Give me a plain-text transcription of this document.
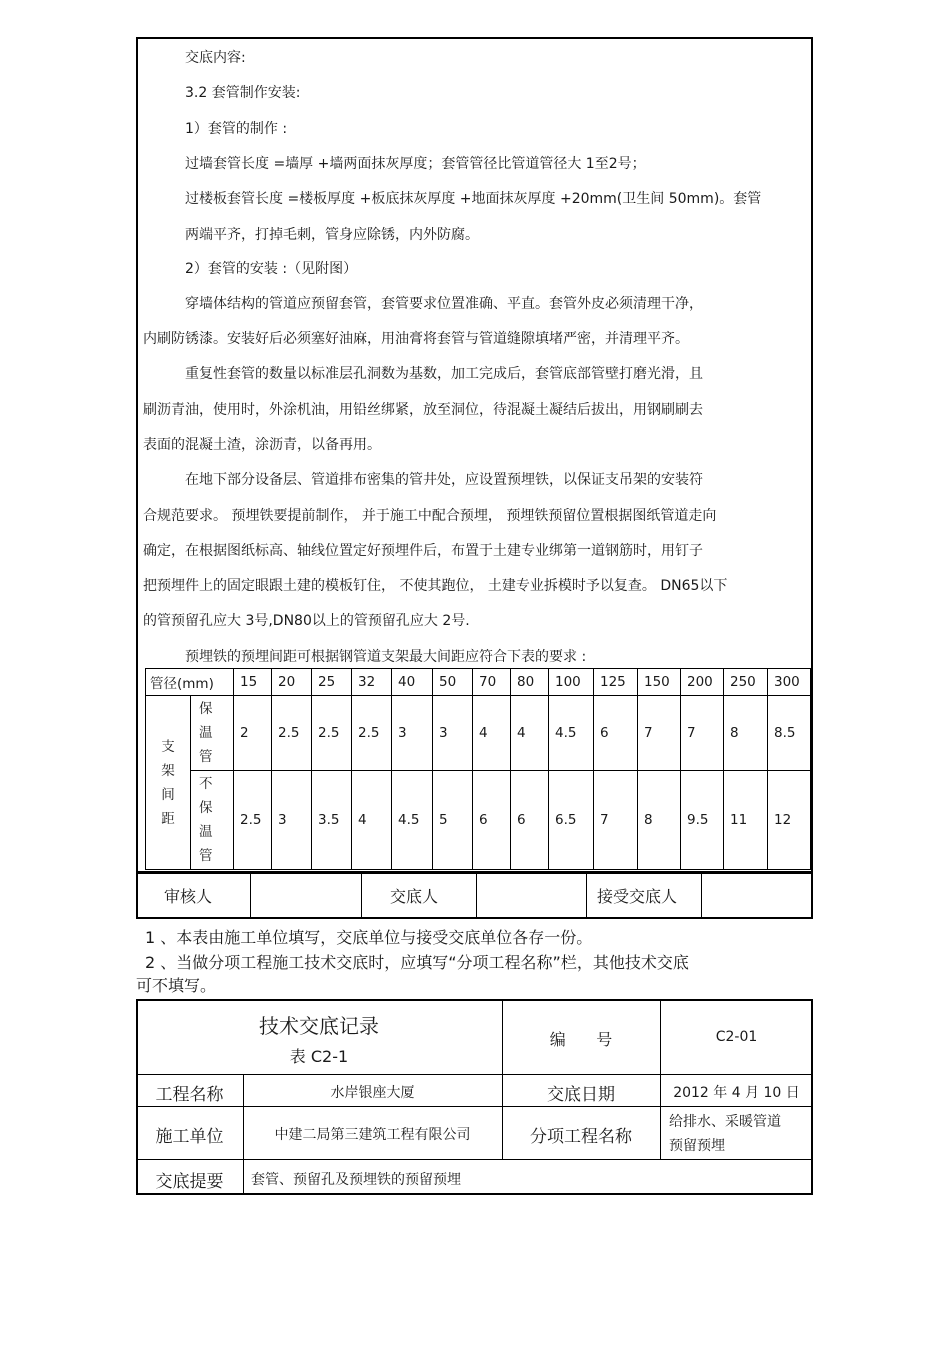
交底内容:
3.2 套管制作安装:
1）套管的制作 :
过墙套管长度 =墙厚 +墙两面抹灰厚度；套管管径比管道管径大 1至2号；
过楼板套管长度 =楼板厚度 +板底抹灰厚度 +地面抹灰厚度 +20mm(卫生间 50mm)。套管
两端平齐，打掉毛刺，管身应除锈，内外防腐。
2）套管的安装 :（见附图）
穿墙体结构的管道应预留套管，套管要求位置准确、平直。套管外皮必须清理干净，
内刷防锈漆。安装好后必须塞好油麻，用油膏将套管与管道缝隙填堵严密，并清理平齐。
重复性套管的数量以标准层孔洞数为基数，加工完成后，套管底部管壁打磨光滑，且
刷沥青油，使用时，外涂机油，用铅丝绑紧，放至洞位，待混凝土凝结后拔出，用钢刷刷去
表面的混凝土渣，涂沥青，以备再用。
在地下部分设备层、管道排布密集的管井处，应设置预埋铁，以保证支吊架的安装符
合规范要求。 预埋铁要提前制作， 并于施工中配合预埋， 预埋铁预留位置根据图纸管道走向
确定，在根据图纸标高、轴线位置定好预埋件后，布置于土建专业绑第一道钢筋时，用钉子
把预埋件上的固定眼跟土建的模板钉住， 不使其跑位， 土建专业拆模时予以复查。 DN65以下
的管预留孔应大 3号,DN80以上的管预留孔应大 2号.
预埋铁的预埋间距可根据钢管道支架最大间距应符合下表的要求 :
管径(mm)		15	20	25	32	40	50	70	80	100	125	150	200	250	300

支
架
间
距	保
温
管	2	2.5	2.5	2.5	3	3	4	4	4.5	6	7	7	8	8.5

	不
保
温
管	2.5	3	3.5	4	4.5	5	6	6	6.5	7	8	9.5	11	12
审核人	交底人	接受交底人
1 、本表由施工单位填写，交底单位与接受交底单位各存一份。
2 、当做分项工程施工技术交底时，应填写“分项工程名称”栏，其他技术交底
可不填写。
技术交底记录
表 C2-1
编      号	C2-01
工程名称	水岸银座大厦	交底日期	2012 年 4 月 10 日
施工单位	中建二局第三建筑工程有限公司	分项工程名称
给排水、采暖管道
预留预埋
交底提要	套管、预留孔及预埋铁的预留预埋
